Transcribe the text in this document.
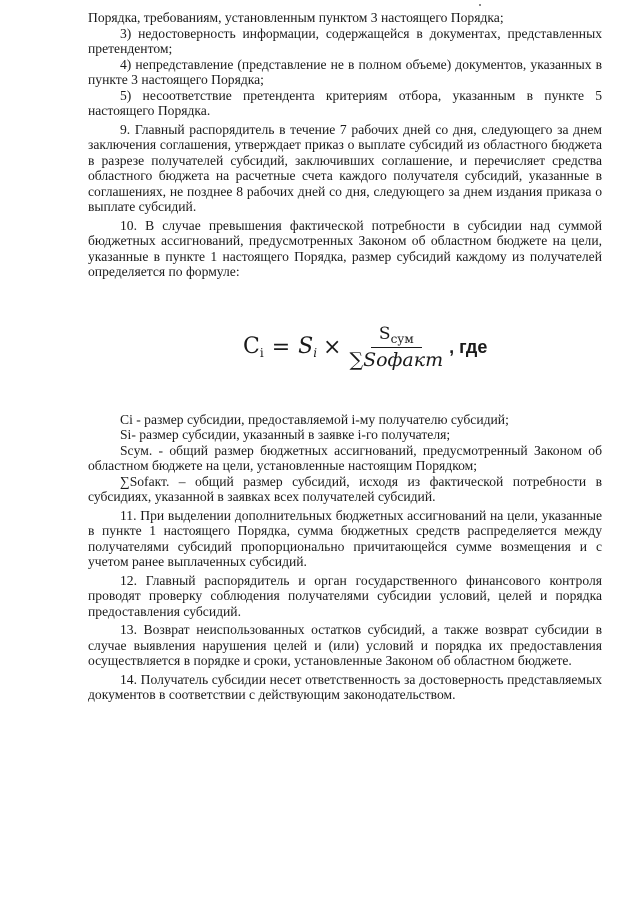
Порядка, требованиям, установленным пунктом 3 настоящего Порядка;

3) недостоверность информации, содержащейся в документах, представленных претендентом;

4) непредставление (представление не в полном объеме) документов, указанных в пункте 3 настоящего Порядка;

5) несоответствие претендента критериям отбора, указанным в пункте 5 настоящего Порядка.

9. Главный распорядитель в течение 7 рабочих дней со дня, следующего за днем заключения соглашения, утверждает приказ о выплате субсидий из областного бюджета в разрезе получателей субсидий, заключивших соглашение, и перечисляет средства областного бюджета на расчетные счета каждого получателя субсидий, указанные в соглашениях, не позднее 8 рабочих дней со дня, следующего за днем издания приказа о выплате субсидий.

10. В случае превышения фактической потребности в субсидии над суммой бюджетных ассигнований, предусмотренных Законом об областном бюджете на цели, указанные в пункте 1 настоящего Порядка, размер субсидий каждому из получателей определяется по формуле:

$C_i = S_i \times \frac{S_{сум}}{\text{∑Soфакт}}$ , где

Ci - размер субсидии, предоставляемой i-му получателю субсидий;

Si- размер субсидии, указанный в заявке i-го получателя;

Scум. - общий размер бюджетных ассигнований, предусмотренный Законом об областном бюджете на цели, установленные настоящим Порядком;

∑Sofакт. – общий размер субсидий, исходя из фактической потребности в субсидиях, указанной в заявках всех получателей субсидий.

11. При выделении дополнительных бюджетных ассигнований на цели, указанные в пункте 1 настоящего Порядка, сумма бюджетных средств распределяется между получателями субсидий пропорционально причитающейся сумме возмещения и с учетом ранее выплаченных субсидий.

12. Главный распорядитель и орган государственного финансового контроля проводят проверку соблюдения получателями субсидии условий, целей и порядка предоставления субсидий.

13. Возврат неиспользованных остатков субсидий, а также возврат субсидии в случае выявления нарушения целей и (или) условий и порядка их предоставления осуществляется в порядке и сроки, установленные Законом об областном бюджете.

14. Получатель субсидии несет ответственность за достоверность представляемых документов в соответствии с действующим законодательством.
